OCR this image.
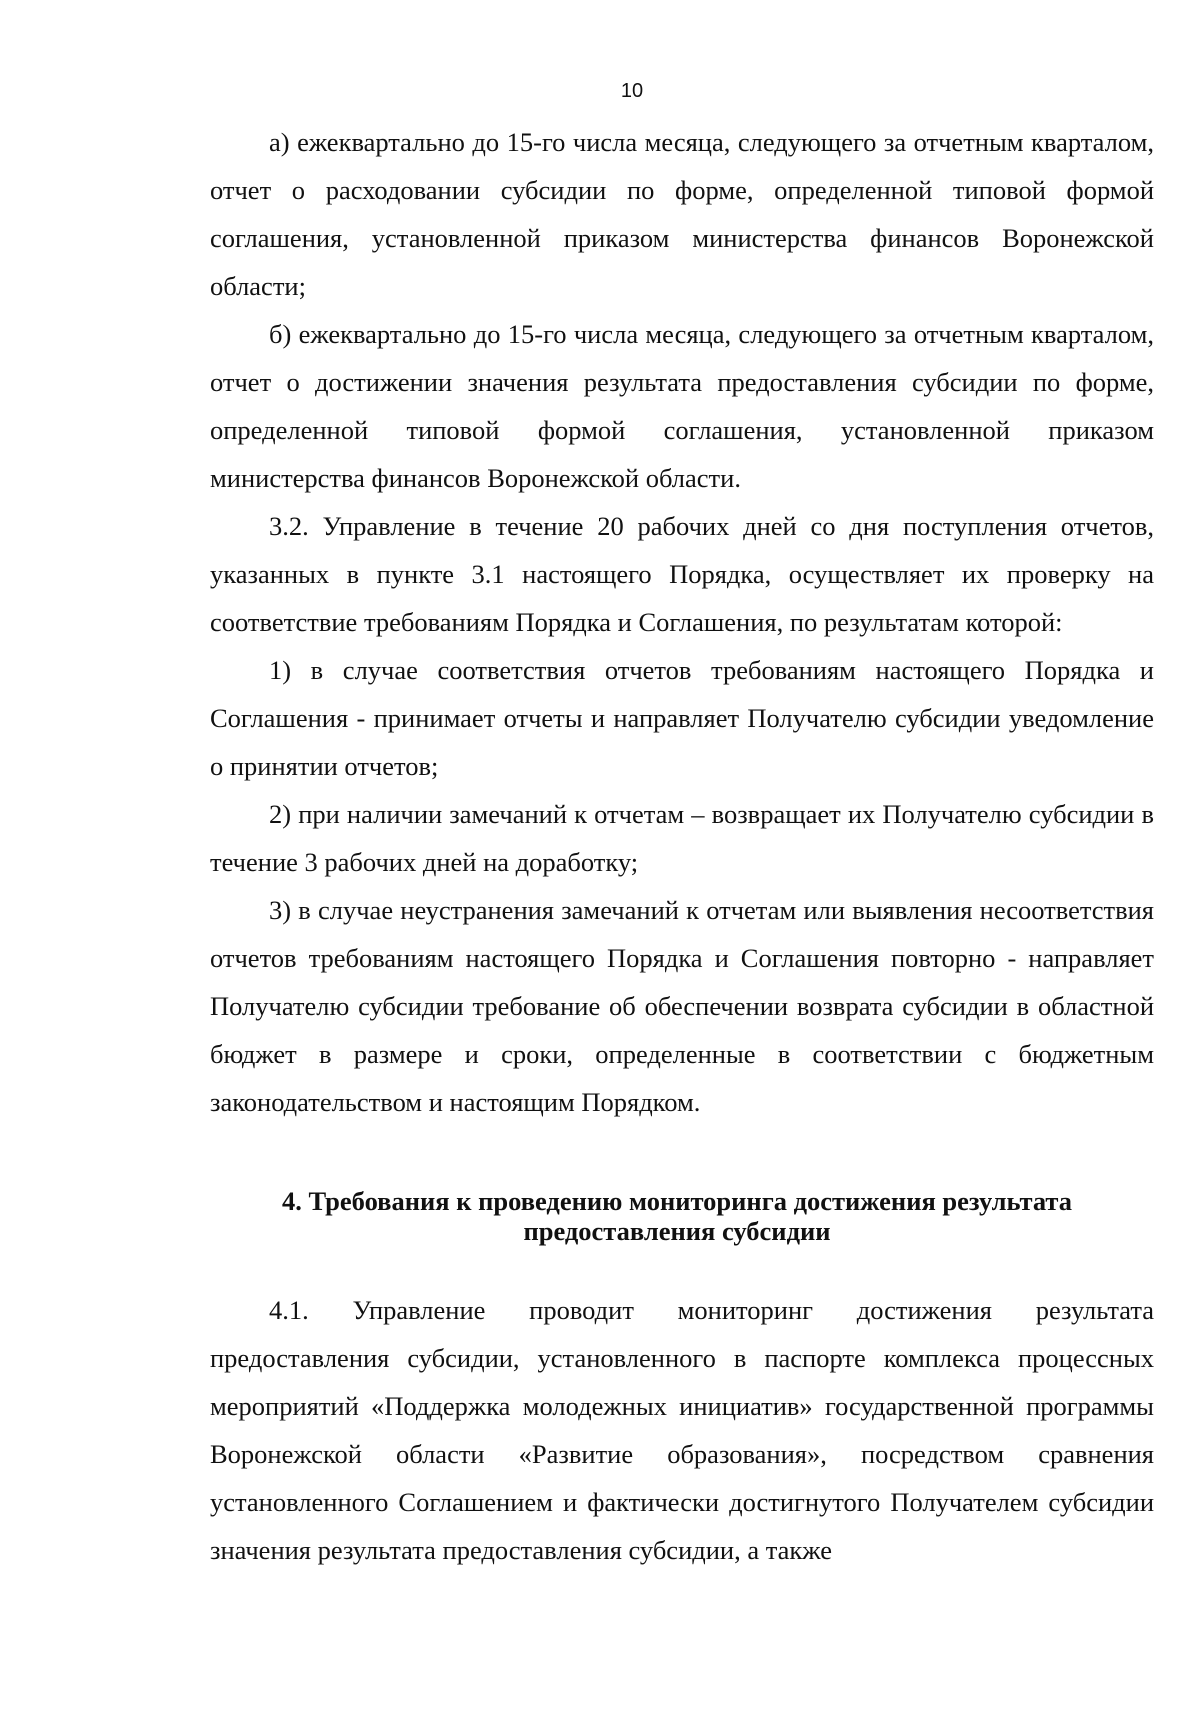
10

а) ежеквартально до 15-го числа месяца, следующего за отчетным кварталом, отчет о расходовании субсидии по форме, определенной типовой формой соглашения, установленной приказом министерства финансов Воронежской области;

б) ежеквартально до 15-го числа месяца, следующего за отчетным кварталом, отчет о достижении значения результата предоставления субсидии по форме, определенной типовой формой соглашения, установленной приказом министерства финансов Воронежской области.

3.2. Управление в течение 20 рабочих дней со дня поступления отчетов, указанных в пункте 3.1 настоящего Порядка, осуществляет их проверку на соответствие требованиям Порядка и Соглашения, по результатам которой:

1) в случае соответствия отчетов требованиям настоящего Порядка и Соглашения - принимает отчеты и направляет Получателю субсидии уведомление о принятии отчетов;

2) при наличии замечаний к отчетам – возвращает их Получателю субсидии в течение 3 рабочих дней на доработку;

3) в случае неустранения замечаний к отчетам или выявления несоответствия отчетов требованиям настоящего Порядка и Соглашения повторно - направляет Получателю субсидии требование об обеспечении возврата субсидии в областной бюджет в размере и сроки, определенные в соответствии с бюджетным законодательством и настоящим Порядком.

4. Требования к проведению мониторинга достижения результата
предоставления субсидии

4.1. Управление проводит мониторинг достижения результата предоставления субсидии, установленного в паспорте комплекса процессных мероприятий «Поддержка молодежных инициатив» государственной программы Воронежской области «Развитие образования», посредством сравнения установленного Соглашением и фактически достигнутого Получателем субсидии значения результата предоставления субсидии, а также
